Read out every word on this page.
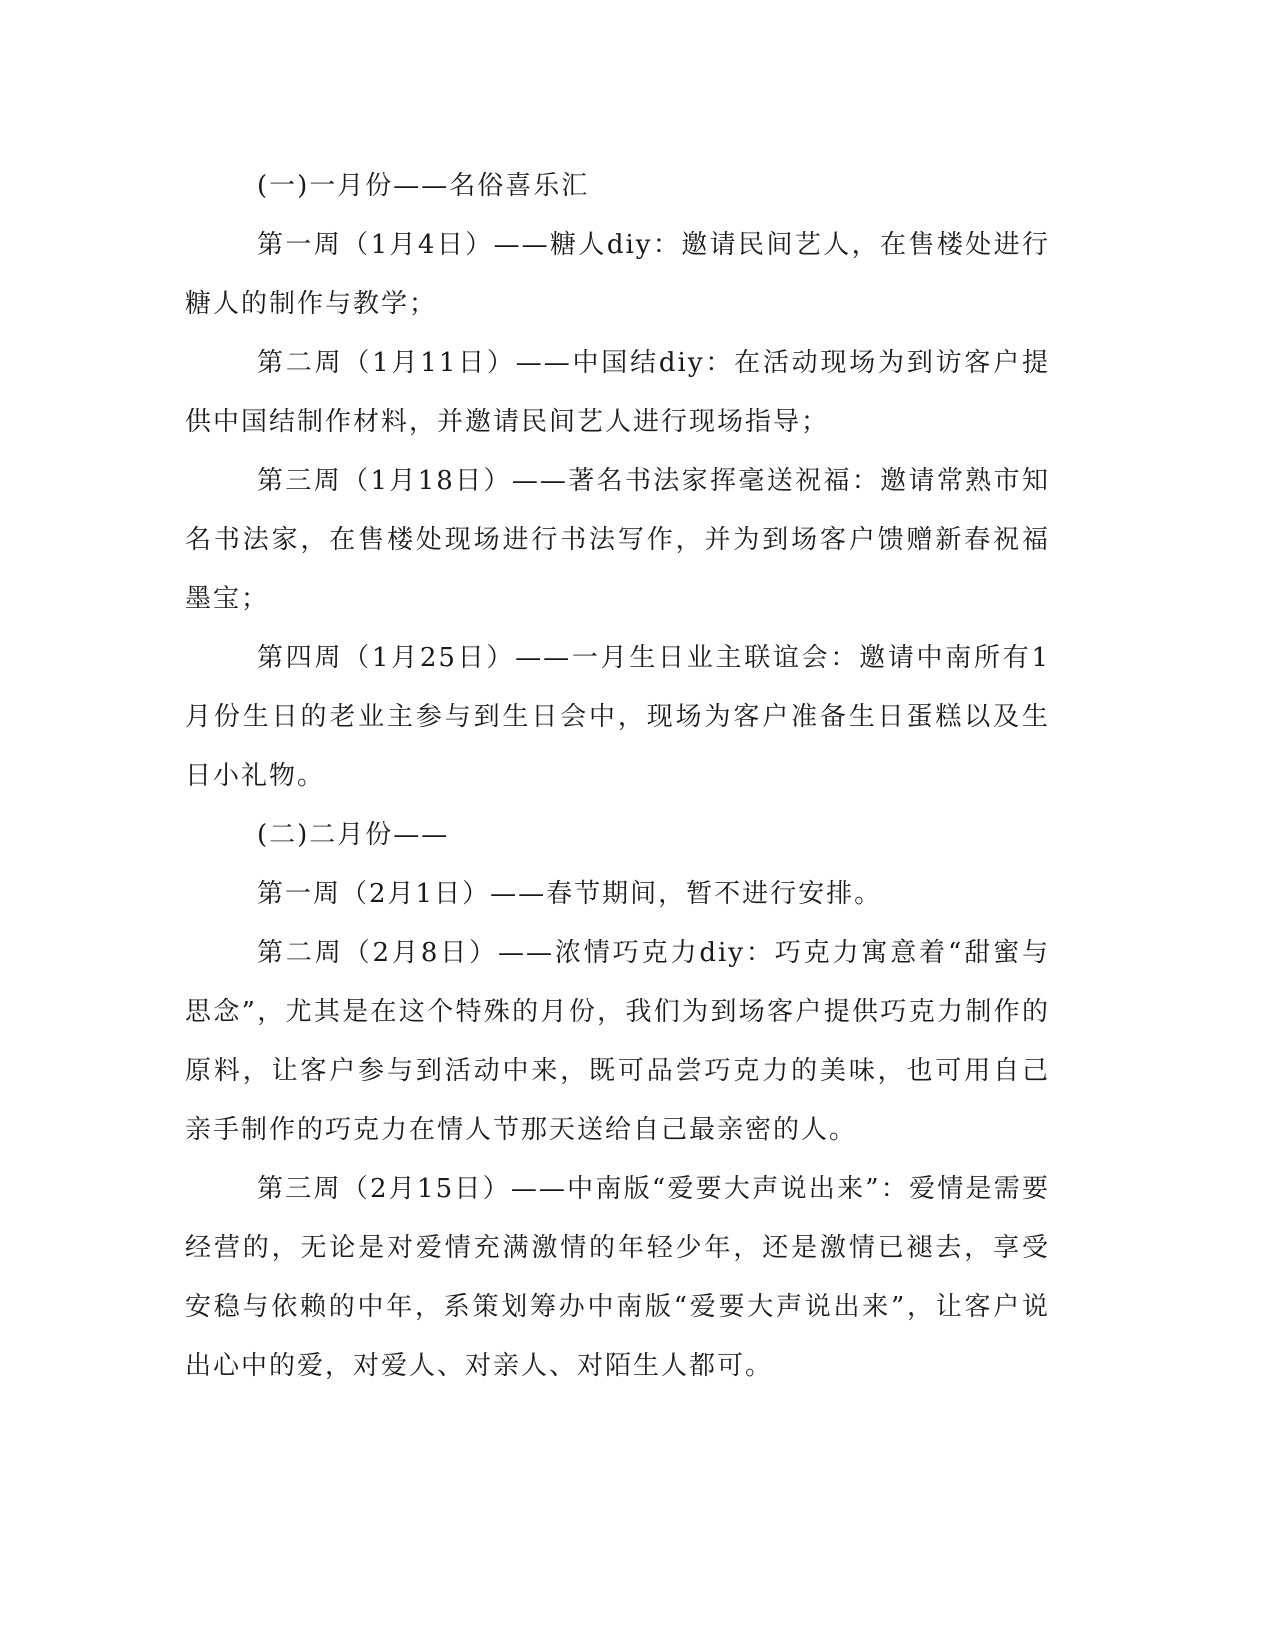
(一)一月份——名俗喜乐汇

第一周（1月4日）——糖人diy：邀请民间艺人，在售楼处进行糖人的制作与教学；

第二周（1月11日）——中国结diy：在活动现场为到访客户提供中国结制作材料，并邀请民间艺人进行现场指导；

第三周（1月18日）——著名书法家挥毫送祝福：邀请常熟市知名书法家，在售楼处现场进行书法写作，并为到场客户馈赠新春祝福墨宝；

第四周（1月25日）——一月生日业主联谊会：邀请中南所有1月份生日的老业主参与到生日会中，现场为客户准备生日蛋糕以及生日小礼物。

(二)二月份——

第一周（2月1日）——春节期间，暂不进行安排。

第二周（2月8日）——浓情巧克力diy：巧克力寓意着“甜蜜与思念”，尤其是在这个特殊的月份，我们为到场客户提供巧克力制作的原料，让客户参与到活动中来，既可品尝巧克力的美味，也可用自己亲手制作的巧克力在情人节那天送给自己最亲密的人。

第三周（2月15日）——中南版“爱要大声说出来”：爱情是需要经营的，无论是对爱情充满激情的年轻少年，还是激情已褪去，享受安稳与依赖的中年，系策划筹办中南版“爱要大声说出来”，让客户说出心中的爱，对爱人、对亲人、对陌生人都可。
